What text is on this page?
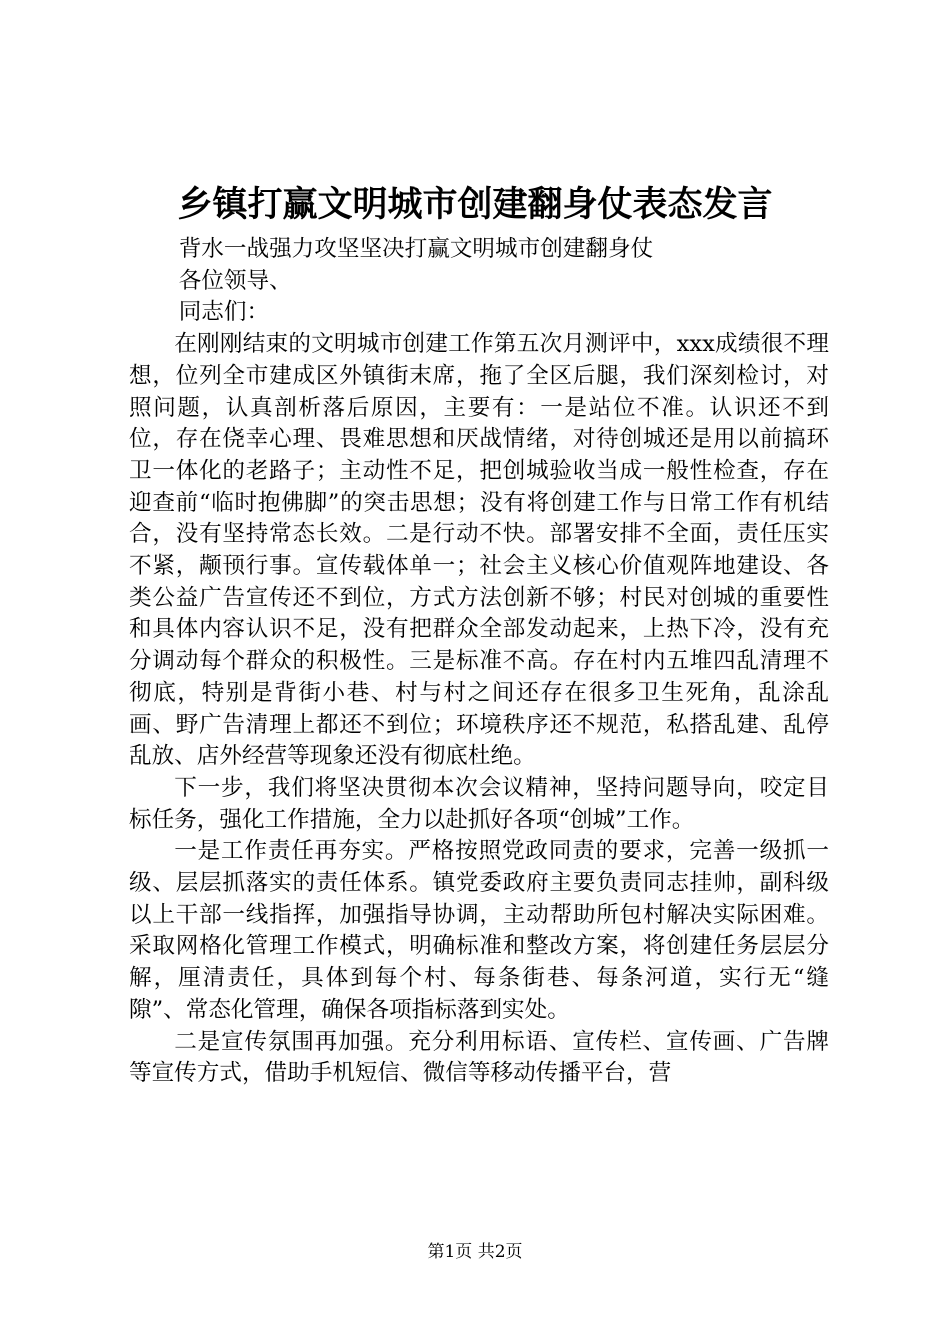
乡镇打赢文明城市创建翻身仗表态发言

背水一战强力攻坚坚决打赢文明城市创建翻身仗

各位领导、

同志们：

在刚刚结束的文明城市创建工作第五次月测评中，xxx成绩很不理想，位列全市建成区外镇街末席，拖了全区后腿，我们深刻检讨，对照问题，认真剖析落后原因，主要有：一是站位不准。认识还不到位，存在侥幸心理、畏难思想和厌战情绪，对待创城还是用以前搞环卫一体化的老路子；主动性不足，把创城验收当成一般性检查，存在迎查前“临时抱佛脚”的突击思想；没有将创建工作与日常工作有机结合，没有坚持常态长效。二是行动不快。部署安排不全面，责任压实不紧，颟顸行事。宣传载体单一；社会主义核心价值观阵地建设、各类公益广告宣传还不到位，方式方法创新不够；村民对创城的重要性和具体内容认识不足，没有把群众全部发动起来，上热下冷，没有充分调动每个群众的积极性。三是标准不高。存在村内五堆四乱清理不彻底，特别是背街小巷、村与村之间还存在很多卫生死角，乱涂乱画、野广告清理上都还不到位；环境秩序还不规范，私搭乱建、乱停乱放、店外经营等现象还没有彻底杜绝。

下一步，我们将坚决贯彻本次会议精神，坚持问题导向，咬定目标任务，强化工作措施，全力以赴抓好各项“创城”工作。

一是工作责任再夯实。严格按照党政同责的要求，完善一级抓一级、层层抓落实的责任体系。镇党委政府主要负责同志挂帅，副科级以上干部一线指挥，加强指导协调，主动帮助所包村解决实际困难。采取网格化管理工作模式，明确标准和整改方案，将创建任务层层分解，厘清责任，具体到每个村、每条街巷、每条河道，实行无“缝隙”、常态化管理，确保各项指标落到实处。

二是宣传氛围再加强。充分利用标语、宣传栏、宣传画、广告牌等宣传方式，借助手机短信、微信等移动传播平台，营

第1页 共2页
